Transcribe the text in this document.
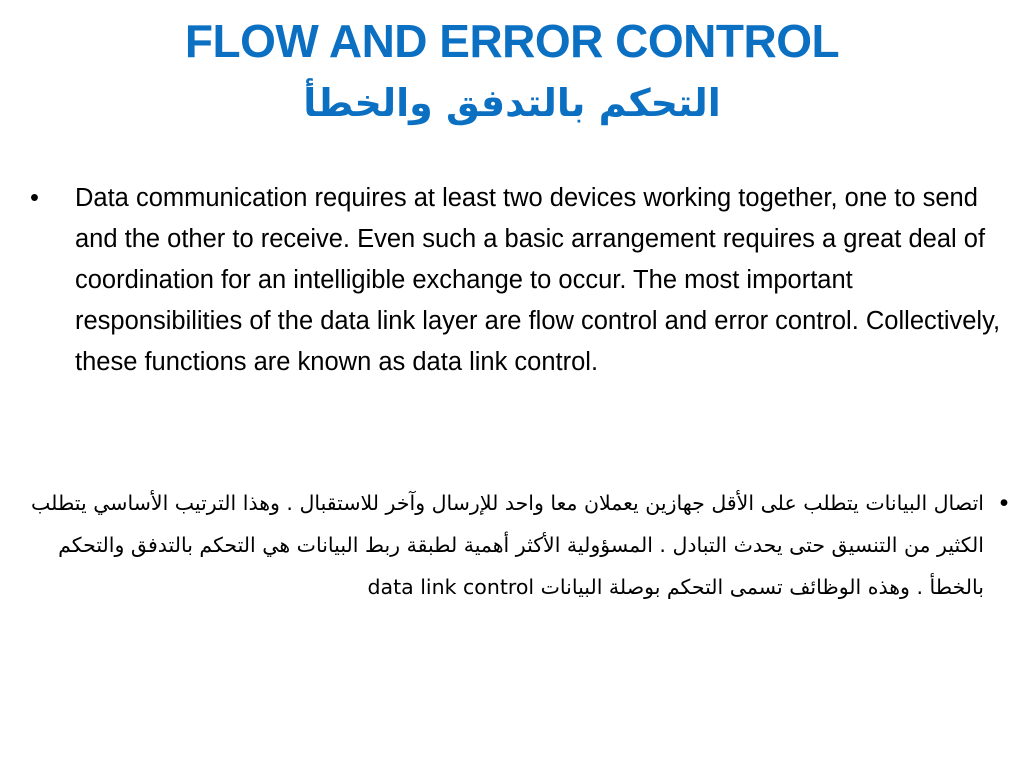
FLOW AND ERROR CONTROL
التحكم بالتدفق والخطأ
•	Data communication requires at least two devices working together, one to send and the other to receive. Even such a basic arrangement requires a great deal of coordination for an intelligible exchange to occur. The most important responsibilities of the data link layer are flow control and error control. Collectively, these functions are known as data link control.
•
اتصال البيانات يتطلب على الأقل جهازين يعملان معا واحد للإرسال وآخر للاستقبال . وهذا الترتيب الأساسي يتطلب الكثير من التنسيق حتى يحدث التبادل . المسؤولية الأكثر أهمية لطبقة ربط البيانات هي التحكم بالتدفق والتحكم بالخطأ . وهذه الوظائف تسمى التحكم بوصلة البيانات data link control
